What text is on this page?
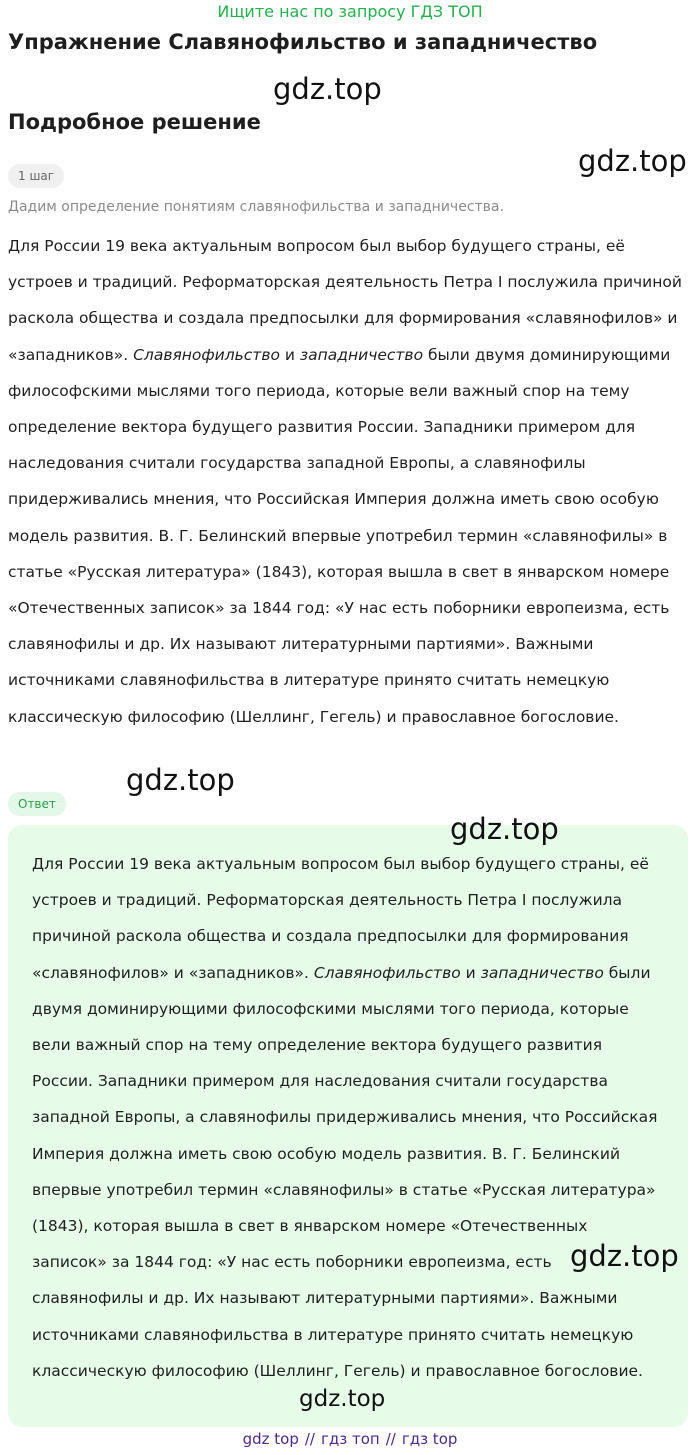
Ищите нас по запросу ГДЗ ТОП
Упражнение Славянофильство и западничество
gdz.top
Подробное решение
gdz.top
1 шаг
Дадим определение понятиям славянофильства и западничества.

Для России 19 века актуальным вопросом был выбор будущего страны, её устроев и традиций. Реформаторская деятельность Петра I послужила причиной раскола общества и создала предпосылки для формирования «славянофилов» и «западников». Славянофильство и западничество были двумя доминирующими философскими мыслями того периода, которые вели важный спор на тему определение вектора будущего развития России. Западники примером для наследования считали государства западной Европы, а славянофилы придерживались мнения, что Российская Империя должна иметь свою особую модель развития. В. Г. Белинский впервые употребил термин «славянофилы» в статье «Русская литература» (1843), которая вышла в свет в январском номере «Отечественных записок» за 1844 год: «У нас есть поборники европеизма, есть славянофилы и др. Их называют литературными партиями». Важными источниками славянофильства в литературе принято считать немецкую классическую философию (Шеллинг, Гегель) и православное богословие.

gdz.top
Ответ

Для России 19 века актуальным вопросом был выбор будущего страны, её устроев и традиций. Реформаторская деятельность Петра I послужила причиной раскола общества и создала предпосылки для формирования «славянофилов» и «западников». Славянофильство и западничество были двумя доминирующими философскими мыслями того периода, которые вели важный спор на тему определение вектора будущего развития России. Западники примером для наследования считали государства западной Европы, а славянофилы придерживались мнения, что Российская Империя должна иметь свою особую модель развития. В. Г. Белинский впервые употребил термин «славянофилы» в статье «Русская литература» (1843), которая вышла в свет в январском номере «Отечественных записок» за 1844 год: «У нас есть поборники европеизма, есть славянофилы и др. Их называют литературными партиями». Важными источниками славянофильства в литературе принято считать немецкую классическую философию (Шеллинг, Гегель) и православное богословие.

gdz.top
gdz.top
gdz.top
gdz top // гдз топ // гдз top
